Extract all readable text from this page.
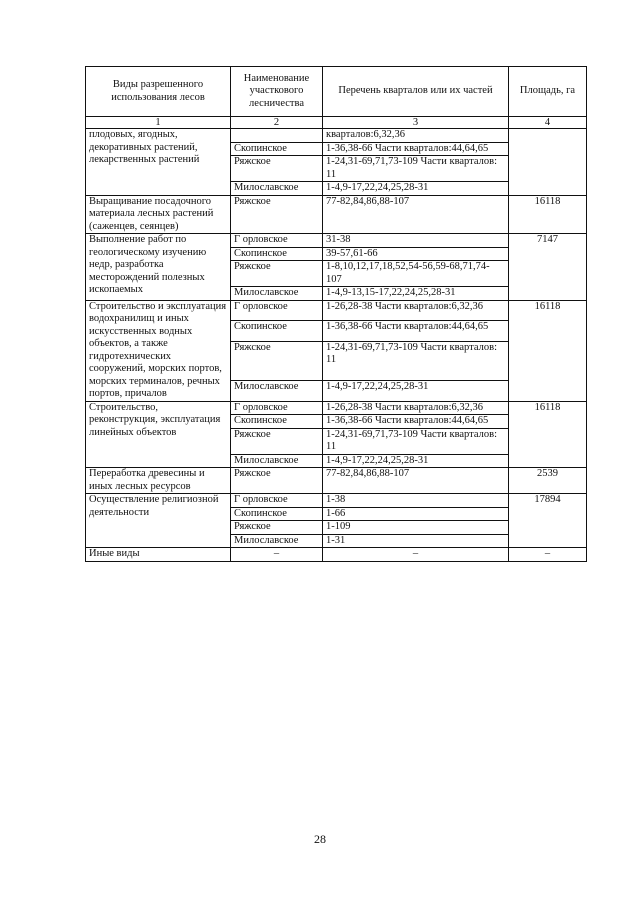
Виды разрешенного использования лесов	Наименование участкового лесничества	Перечень кварталов или их частей	Площадь, га
1	2	3	4
плодовых, ягодных, декоративных растений, лекарственных растений		кварталов:6,32,36	
	Скопинское	1-36,38-66 Части кварталов:44,64,65	
	Ряжское	1-24,31-69,71,73-109 Части кварталов: 11	
	Милославское	1-4,9-17,22,24,25,28-31	
Выращивание посадочного материала лесных растений (саженцев, сеянцев)	Ряжское	77-82,84,86,88-107	16118
Выполнение работ по геологическому изучению недр, разработка месторождений полезных ископаемых	Г орловское	31-38	7147
	Скопинское	39-57,61-66	
	Ряжское	1-8,10,12,17,18,52,54-56,59-68,71,74-107	
	Милославское	1-4,9-13,15-17,22,24,25,28-31	
Строительство и эксплуатация водохранилищ и иных искусственных водных объектов, а также гидротехнических сооружений, морских портов, морских терминалов, речных портов, причалов	Г орловское	1-26,28-38 Части кварталов:6,32,36	16118
	Скопинское	1-36,38-66 Части кварталов:44,64,65	
	Ряжское	1-24,31-69,71,73-109 Части кварталов: 11	
	Милославское	1-4,9-17,22,24,25,28-31	
Строительство, реконструкция, эксплуатация линейных объектов	Г орловское	1-26,28-38 Части кварталов:6,32,36	16118
	Скопинское	1-36,38-66 Части кварталов:44,64,65	
	Ряжское	1-24,31-69,71,73-109 Части кварталов: 11	
	Милославское	1-4,9-17,22,24,25,28-31	
Переработка древесины и иных лесных ресурсов	Ряжское	77-82,84,86,88-107	2539
Осуществление религиозной деятельности	Г орловское	1-38	17894
	Скопинское	1-66	
	Ряжское	1-109	
	Милославское	1-31	
Иные виды	–	–	–
28
